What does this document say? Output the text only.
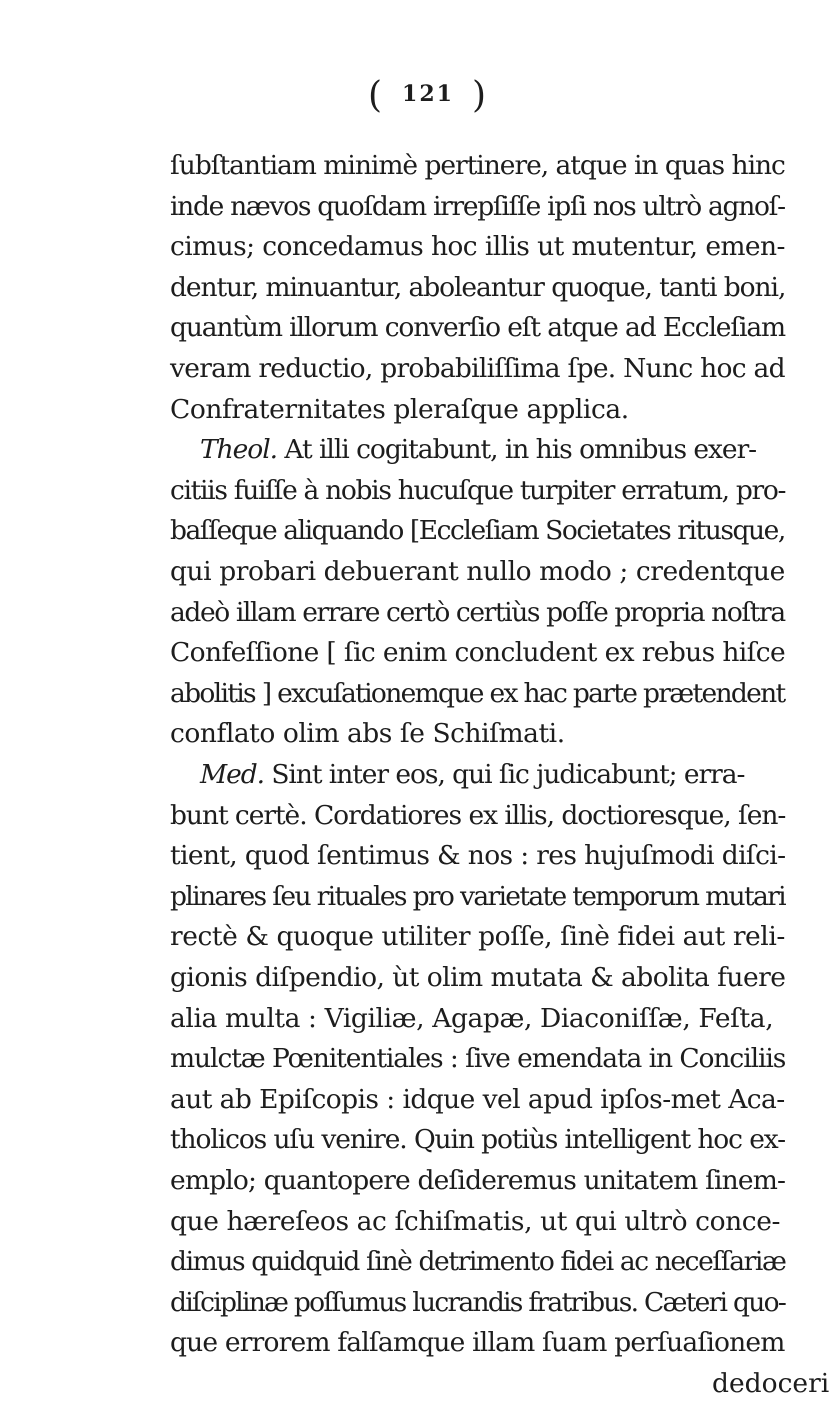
( 121 )
ſubſtantiam minimè pertinere, atque in quas hinc
inde nævos quoſdam irrepſiſſe ipſi nos ultrò agnoſ-
cimus; concedamus hoc illis ut mutentur, emen-
dentur, minuantur, aboleantur quoque, tanti boni,
quantùm illorum converſio eſt atque ad Eccleſiam
veram reductio, probabiliſſima ſpe. Nunc hoc ad
Confraternitates pleraſque applica.
Theol. At illi cogitabunt, in his omnibus exer-
citiis fuiſſe à nobis hucuſque turpiter erratum, pro-
baſſeque aliquando [Eccleſiam Societates ritusque,
qui probari debuerant nullo modo ; credentque
adeò illam errare certò certiùs poſſe propria noſtra
Confeſſione [ ſic enim concludent ex rebus hiſce
abolitis ] excuſationemque ex hac parte prætendent
conflato olim abs ſe Schiſmati.
Med. Sint inter eos, qui ſic judicabunt; erra-
bunt certè. Cordatiores ex illis, doctioresque, ſen-
tient, quod ſentimus & nos : res hujuſmodi diſci-
plinares ſeu rituales pro varietate temporum mutari
rectè & quoque utiliter poſſe, ſinè fidei aut reli-
gionis diſpendio, ùt olim mutata & abolita fuere
alia multa : Vigiliæ, Agapæ, Diaconiſſæ, Feſta,
mulctæ Pœnitentiales : ſive emendata in Conciliis
aut ab Epiſcopis : idque vel apud ipſos-met Aca-
tholicos uſu venire. Quin potiùs intelligent hoc ex-
emplo; quantopere deſideremus unitatem ſinem-
que hæreſeos ac ſchiſmatis, ut qui ultrò conce-
dimus quidquid ſinè detrimento fidei ac neceſſariæ
diſciplinæ poſſumus lucrandis fratribus. Cæteri quo-
que errorem falſamque illam ſuam perſuaſionem
dedoceri
